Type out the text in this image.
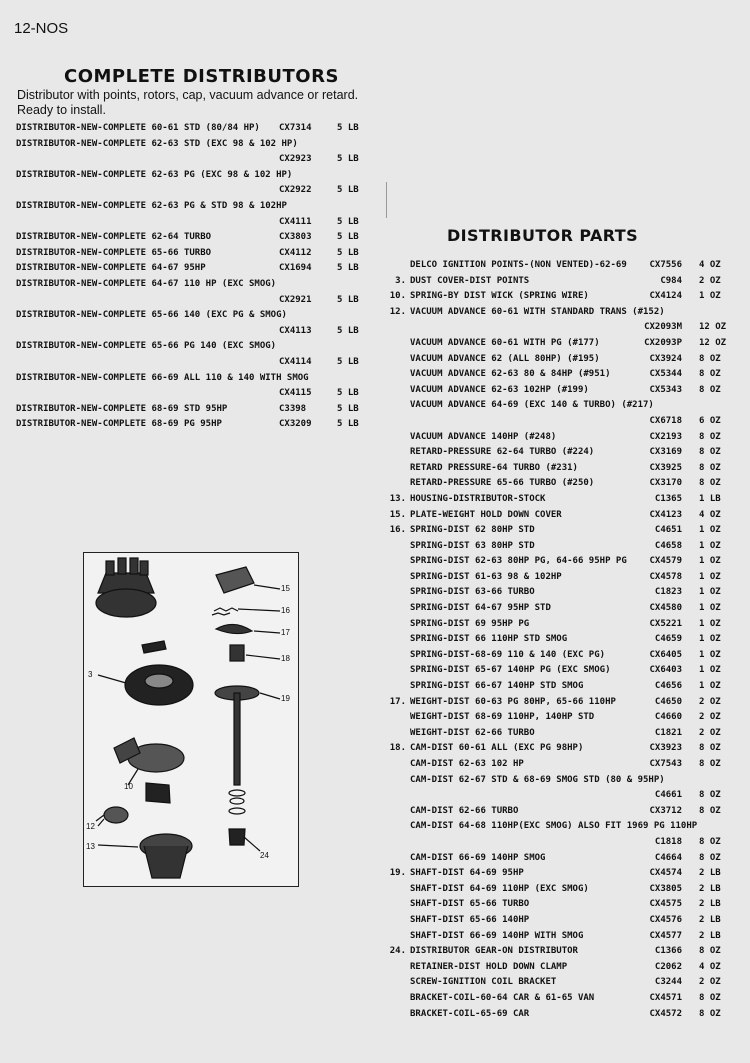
12-NOS
COMPLETE DISTRIBUTORS
Distributor with points, rotors, cap, vacuum advance or retard. Ready to install.
DISTRIBUTOR-NEW-COMPLETE 60-61 STD (80/84 HP) CX7314	5 LB
DISTRIBUTOR-NEW-COMPLETE 62-63 STD (EXC 98 & 102 HP)
CX2923	5 LB
DISTRIBUTOR-NEW-COMPLETE 62-63 PG (EXC 98 & 102 HP)
CX2922	5 LB
DISTRIBUTOR-NEW-COMPLETE 62-63 PG & STD 98 & 102HP
CX4111	5 LB
DISTRIBUTOR-NEW-COMPLETE 62-64 TURBO	CX3803	5 LB
DISTRIBUTOR-NEW-COMPLETE 65-66 TURBO	CX4112	5 LB
DISTRIBUTOR-NEW-COMPLETE 64-67 95HP	CX1694	5 LB
DISTRIBUTOR-NEW-COMPLETE 64-67 110 HP (EXC SMOG)
CX2921	5 LB
DISTRIBUTOR-NEW-COMPLETE 65-66 140 (EXC PG & SMOG)
CX4113	5 LB
DISTRIBUTOR-NEW-COMPLETE 65-66 PG 140 (EXC SMOG)
CX4114	5 LB
DISTRIBUTOR-NEW-COMPLETE 66-69 ALL 110 & 140 WITH SMOG
CX4115	5 LB
DISTRIBUTOR-NEW-COMPLETE 68-69 STD 95HP	C3398	5 LB
DISTRIBUTOR-NEW-COMPLETE 68-69 PG 95HP	CX3209	5 LB
DISTRIBUTOR PARTS
DELCO IGNITION POINTS-(NON VENTED)-62-69	CX7556 4 OZ
3. DUST COVER-DIST POINTS	C984 2 OZ
10. SPRING-BY DIST WICK (SPRING WIRE)	CX4124 1 OZ
12. VACUUM ADVANCE 60-61 WITH STANDARD TRANS (#152)
CX2093M 12 OZ
VACUUM ADVANCE 60-61 WITH PG (#177)	CX2093P 12 OZ
VACUUM ADVANCE 62 (ALL 80HP) (#195)	CX3924 8 OZ
VACUUM ADVANCE 62-63 80 & 84HP (#951)	CX5344 8 OZ
VACUUM ADVANCE 62-63 102HP (#199)	CX5343 8 OZ
VACUUM ADVANCE 64-69 (EXC 140 & TURBO) (#217)
CX6718 6 OZ
VACUUM ADVANCE 140HP (#248)	CX2193 8 OZ
RETARD-PRESSURE 62-64 TURBO (#224)	CX3169 8 OZ
RETARD PRESSURE-64 TURBO (#231)	CX3925 8 OZ
RETARD-PRESSURE 65-66 TURBO (#250)	CX3170 8 OZ
13. HOUSING-DISTRIBUTOR-STOCK	C1365 1 LB
15. PLATE-WEIGHT HOLD DOWN COVER	CX4123 4 OZ
16. SPRING-DIST 62 80HP STD	C4651 1 OZ
SPRING-DIST 63 80HP STD	C4658 1 OZ
SPRING-DIST 62-63 80HP PG, 64-66 95HP PG	CX4579 1 OZ
SPRING-DIST 61-63 98 & 102HP	CX4578 1 OZ
SPRING-DIST 63-66 TURBO	C1823 1 OZ
SPRING-DIST 64-67 95HP STD	CX4580 1 OZ
SPRING-DIST 69 95HP PG	CX5221 1 OZ
SPRING-DIST 66 110HP STD SMOG	C4659 1 OZ
SPRING-DIST-68-69 110 & 140 (EXC PG)	CX6405 1 OZ
SPRING-DIST 65-67 140HP PG (EXC SMOG)	CX6403 1 OZ
SPRING-DIST 66-67 140HP STD SMOG	C4656 1 OZ
17. WEIGHT-DIST 60-63 PG 80HP, 65-66 110HP	C4650 2 OZ
WEIGHT-DIST 68-69 110HP, 140HP STD	C4660 2 OZ
WEIGHT-DIST 62-66 TURBO	C1821 2 OZ
18. CAM-DIST 60-61 ALL (EXC PG 98HP)	CX3923 8 OZ
CAM-DIST 62-63 102 HP	CX7543 8 OZ
CAM-DIST 62-67 STD & 68-69 SMOG STD (80 & 95HP)
C4661 8 OZ
CAM-DIST 62-66 TURBO	CX3712 8 OZ
CAM-DIST 64-68 110HP(EXC SMOG) ALSO FIT 1969 PG 110HP
C1818 8 OZ
CAM-DIST 66-69 140HP SMOG	C4664 8 OZ
19. SHAFT-DIST 64-69 95HP	CX4574 2 LB
SHAFT-DIST 64-69 110HP (EXC SMOG)	CX3805 2 LB
SHAFT-DIST 65-66 TURBO	CX4575 2 LB
SHAFT-DIST 65-66 140HP	CX4576 2 LB
SHAFT-DIST 66-69 140HP WITH SMOG	CX4577 2 LB
24. DISTRIBUTOR GEAR-ON DISTRIBUTOR	C1366 8 OZ
RETAINER-DIST HOLD DOWN CLAMP	C2062 4 OZ
SCREW-IGNITION COIL BRACKET	C3244 2 OZ
BRACKET-COIL-60-64 CAR & 61-65 VAN	CX4571 8 OZ
BRACKET-COIL-65-69 CAR	CX4572 8 OZ
15
16
17
18
19
3
10
12
13
24
